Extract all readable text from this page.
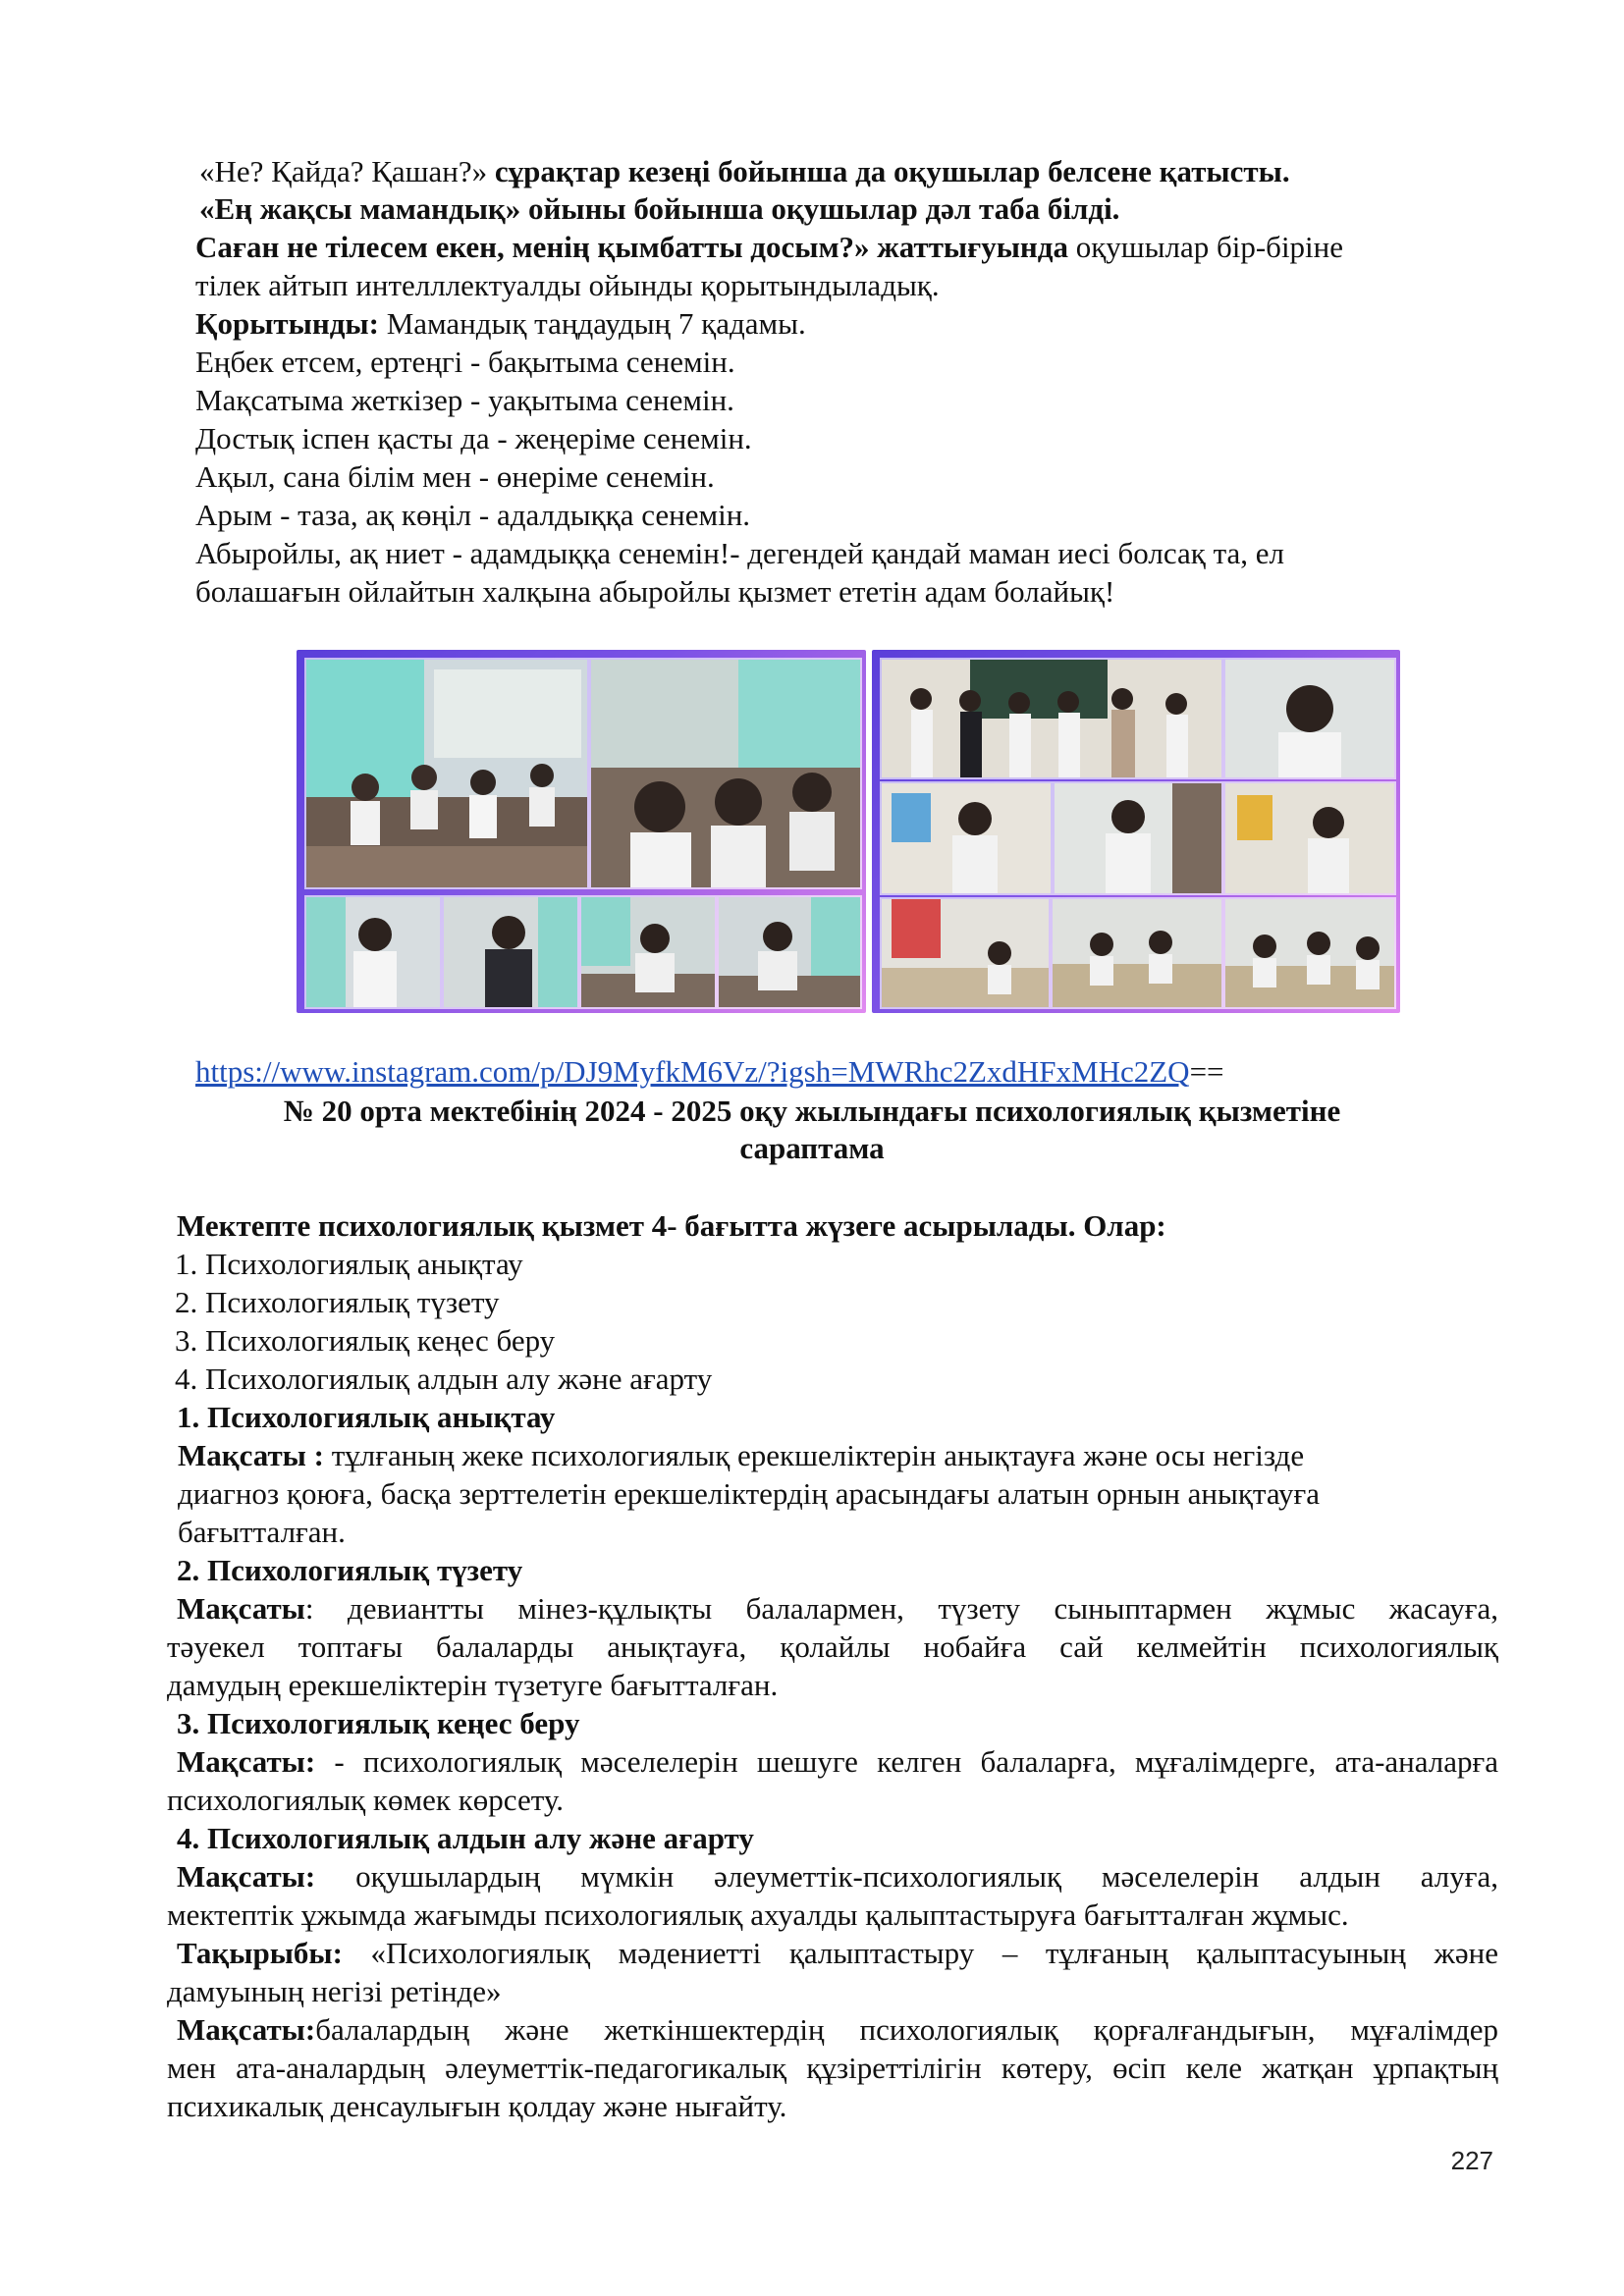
«Не? Қайда? Қашан?» сұрақтар кезеңі бойынша да оқушылар белсене қатысты.

«Ең жақсы мамандық» ойыны бойынша оқушылар дәл таба білді.

Саған не тілесем екен, менің қымбатты досым?» жаттығуында оқушылар бір-біріне

тілек айтып интелллектуалды ойынды қорытындыладық.

Қорытынды: Мамандық таңдаудың 7 қадамы.

Еңбек етсем, ертеңгі - бақытыма сенемін.

Мақсатыма жеткізер - уақытыма сенемін.

Достық іспен қасты да - жеңеріме сенемін.

Ақыл, сана білім мен - өнеріме сенемін.

Арым - таза, ақ көңіл - адалдыққа сенемін.

Абыройлы, ақ ниет - адамдыққа сенемін!- дегендей қандай маман иесі болсақ та, ел

болашағын ойлайтын халқына абыройлы қызмет ететін адам болайық!

https://www.instagram.com/p/DJ9MyfkM6Vz/?igsh=MWRhc2ZxdHFxMHc2ZQ==

№ 20 орта мектебінің 2024 - 2025 оқу жылындағы психологиялық қызметіне

сараптама

Мектепте психологиялық қызмет 4- бағытта жүзеге асырылады. Олар:

1. Психологиялық анықтау

2. Психологиялық түзету

3. Психологиялық кеңес беру

4. Психологиялық алдын алу және ағарту

1. Психологиялық анықтау

Мақсаты : тұлғаның жеке психологиялық ерекшеліктерін анықтауға және осы негізде

диагноз қоюға, басқа зерттелетін ерекшеліктердің арасындағы алатын орнын анықтауға

бағытталған.

2. Психологиялық түзету

Мақсаты: девиантты мінез-құлықты балалармен, түзету сыныптармен жұмыс жасауға,

тәуекел топтағы балаларды анықтауға, қолайлы нобайға сай келмейтін психологиялық

дамудың ерекшеліктерін түзетуге бағытталған.

3. Психологиялық кеңес беру

Мақсаты: - психологиялық мәселелерін шешуге келген балаларға, мұғалімдерге, ата-аналарға

психологиялық көмек көрсету.

4. Психологиялық алдын алу және ағарту

Мақсаты: оқушылардың мүмкін әлеуметтік-психологиялық мәселелерін алдын алуға,

мектептік ұжымда жағымды психологиялық ахуалды қалыптастыруға бағытталған жұмыс.

Тақырыбы: «Психологиялық мәдениетті қалыптастыру – тұлғаның қалыптасуының және

дамуының негізі ретінде»

Мақсаты:балалардың және жеткіншектердің психологиялық қорғалғандығын, мұғалімдер

мен ата-аналардың әлеуметтік-педагогикалық құзіреттілігін көтеру, өсіп келе жатқан ұрпақтың

психикалық денсаулығын қолдау және нығайту.

227
